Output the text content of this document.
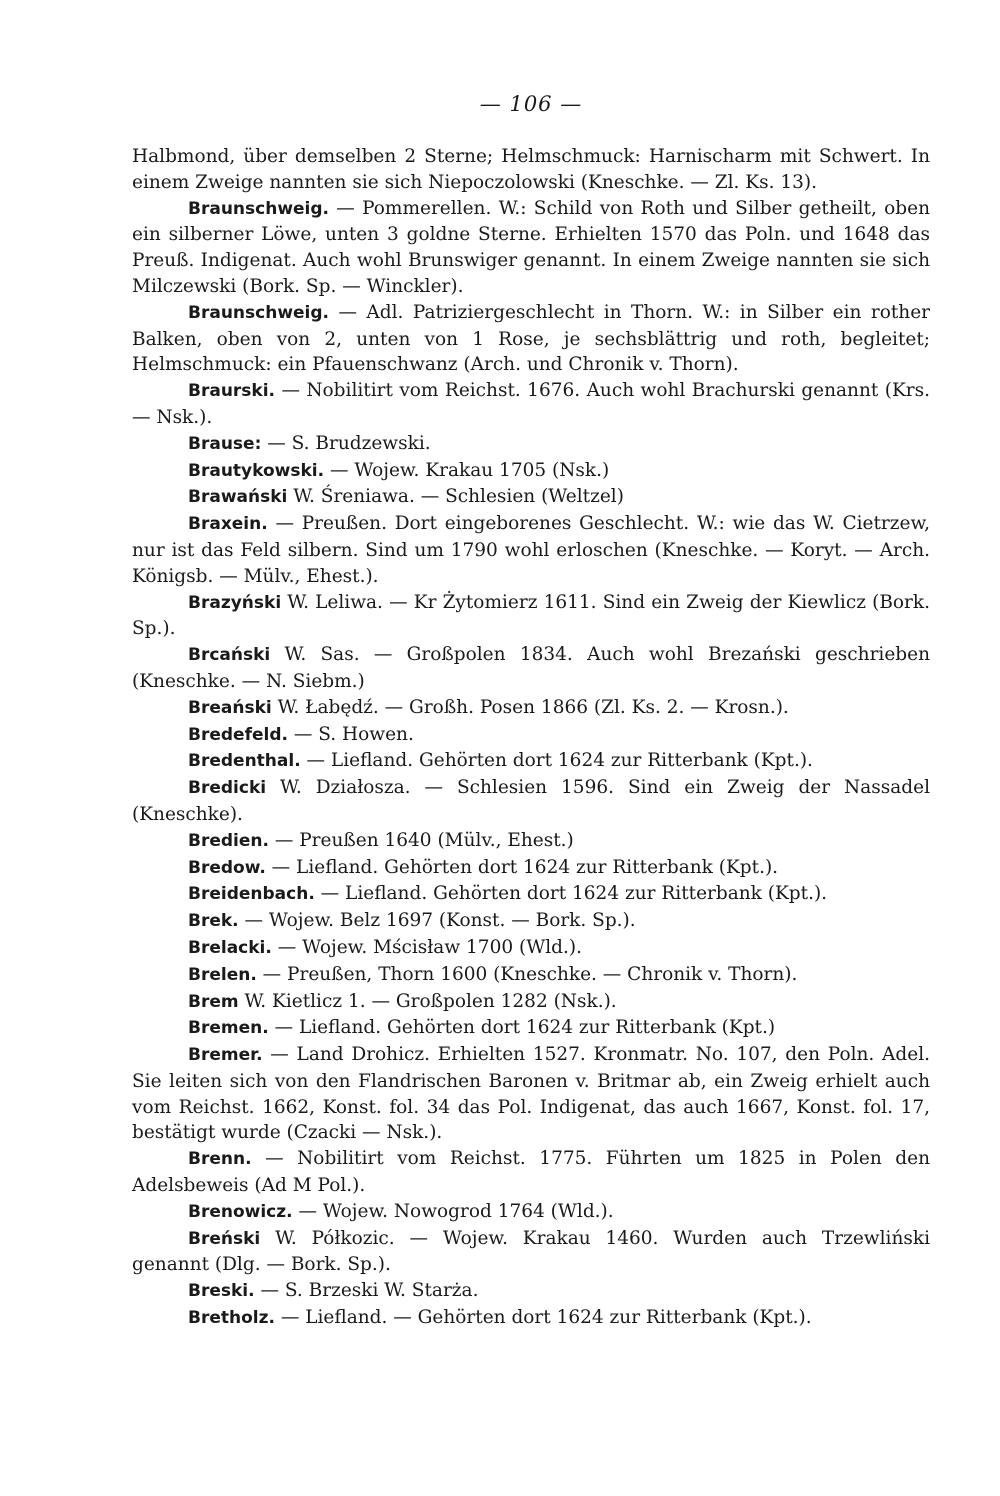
— 106 —

Halbmond, über demselben 2 Sterne; Helmschmuck: Harnischarm mit Schwert. In einem Zweige nannten sie sich Niepoczolowski (Kneschke. — Zl. Ks. 13).

Braunschweig. — Pommerellen. W.: Schild von Roth und Silber getheilt, oben ein silberner Löwe, unten 3 goldne Sterne. Erhielten 1570 das Poln. und 1648 das Preuß. Indigenat. Auch wohl Brunswiger genannt. In einem Zweige nannten sie sich Milczewski (Bork. Sp. — Winckler).

Braunschweig. — Adl. Patriziergeschlecht in Thorn. W.: in Silber ein rother Balken, oben von 2, unten von 1 Rose, je sechsblättrig und roth, begleitet; Helmschmuck: ein Pfauenschwanz (Arch. und Chronik v. Thorn).

Braurski. — Nobilitirt vom Reichst. 1676. Auch wohl Brachurski genannt (Krs. — Nsk.).

Brause: — S. Brudzewski.

Brautykowski. — Wojew. Krakau 1705 (Nsk.)

Brawański W. Śreniawa. — Schlesien (Weltzel)

Braxein. — Preußen. Dort eingeborenes Geschlecht. W.: wie das W. Cietrzew, nur ist das Feld silbern. Sind um 1790 wohl erloschen (Kneschke. — Koryt. — Arch. Königsb. — Mülv., Ehest.).

Brazyński W. Leliwa. — Kr Żytomierz 1611. Sind ein Zweig der Kiewlicz (Bork. Sp.).

Brcański W. Sas. — Großpolen 1834. Auch wohl Brezański geschrieben (Kneschke. — N. Siebm.)

Breański W. Łabędź. — Großh. Posen 1866 (Zl. Ks. 2. — Krosn.).

Bredefeld. — S. Howen.

Bredenthal. — Liefland. Gehörten dort 1624 zur Ritterbank (Kpt.).

Bredicki W. Działosza. — Schlesien 1596. Sind ein Zweig der Nassadel (Kneschke).

Bredien. — Preußen 1640 (Mülv., Ehest.)

Bredow. — Liefland. Gehörten dort 1624 zur Ritterbank (Kpt.).

Breidenbach. — Liefland. Gehörten dort 1624 zur Ritterbank (Kpt.).

Brek. — Wojew. Belz 1697 (Konst. — Bork. Sp.).

Brelacki. — Wojew. Mścisław 1700 (Wld.).

Brelen. — Preußen, Thorn 1600 (Kneschke. — Chronik v. Thorn).

Brem W. Kietlicz 1. — Großpolen 1282 (Nsk.).

Bremen. — Liefland. Gehörten dort 1624 zur Ritterbank (Kpt.)

Bremer. — Land Drohicz. Erhielten 1527. Kronmatr. No. 107, den Poln. Adel. Sie leiten sich von den Flandrischen Baronen v. Britmar ab, ein Zweig erhielt auch vom Reichst. 1662, Konst. fol. 34 das Pol. Indigenat, das auch 1667, Konst. fol. 17, bestätigt wurde (Czacki — Nsk.).

Brenn. — Nobilitirt vom Reichst. 1775. Führten um 1825 in Polen den Adelsbeweis (Ad M Pol.).

Brenowicz. — Wojew. Nowogrod 1764 (Wld.).

Breński W. Półkozic. — Wojew. Krakau 1460. Wurden auch Trzewliński genannt (Dlg. — Bork. Sp.).

Breski. — S. Brzeski W. Starża.

Bretholz. — Liefland. — Gehörten dort 1624 zur Ritterbank (Kpt.).
